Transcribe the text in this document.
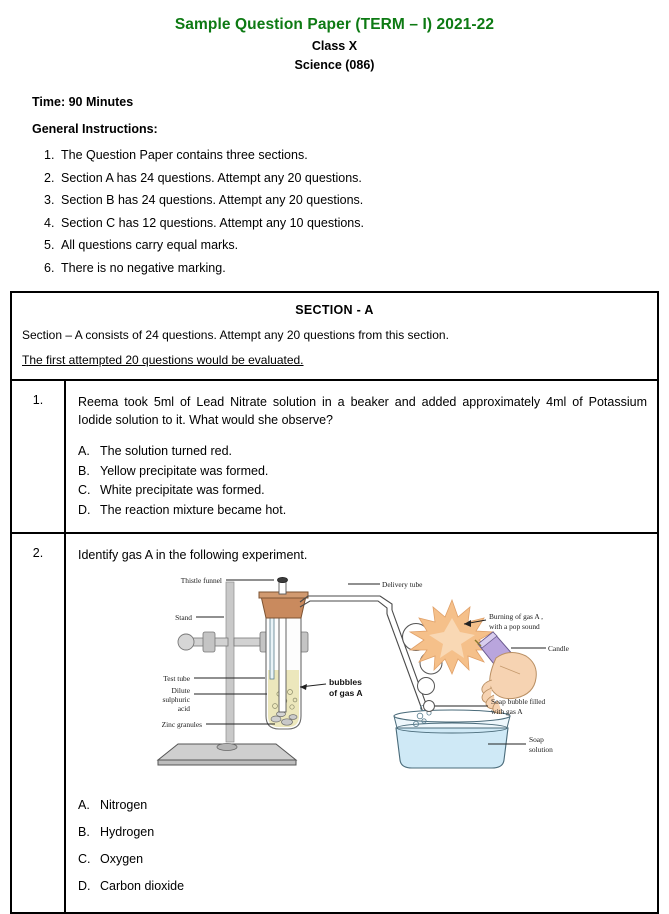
Sample Question Paper (TERM – I) 2021-22
Class X
Science (086)
Time: 90 Minutes
General Instructions:
1. The Question Paper contains three sections.
2. Section A has 24 questions. Attempt any 20 questions.
3. Section B has 24 questions. Attempt any 20 questions.
4. Section C has 12 questions. Attempt any 10 questions.
5. All questions carry equal marks.
6. There is no negative marking.
SECTION - A
Section – A consists of 24 questions. Attempt any 20 questions from this section.
The first attempted 20 questions would be evaluated.	
1.	Reema took 5ml of Lead Nitrate solution in a beaker and added approximately 4ml of Potassium Iodide solution to it. What would she observe?
A. The solution turned red.
B. Yellow precipitate was formed.
C. White precipitate was formed.
D. The reaction mixture became hot.

2.	Identify gas A in the following experiment.
Thistle funnel
Stand
Test tube
Dilute
sulphuric
acid
Zinc granules
bubbles
of gas A
Delivery tube
Burning of gas A ,
with a pop sound
Candle
Soap bubble filled
with gas A
Soap
solution
A. Nitrogen
B. Hydrogen
C. Oxygen
D. Carbon dioxide
